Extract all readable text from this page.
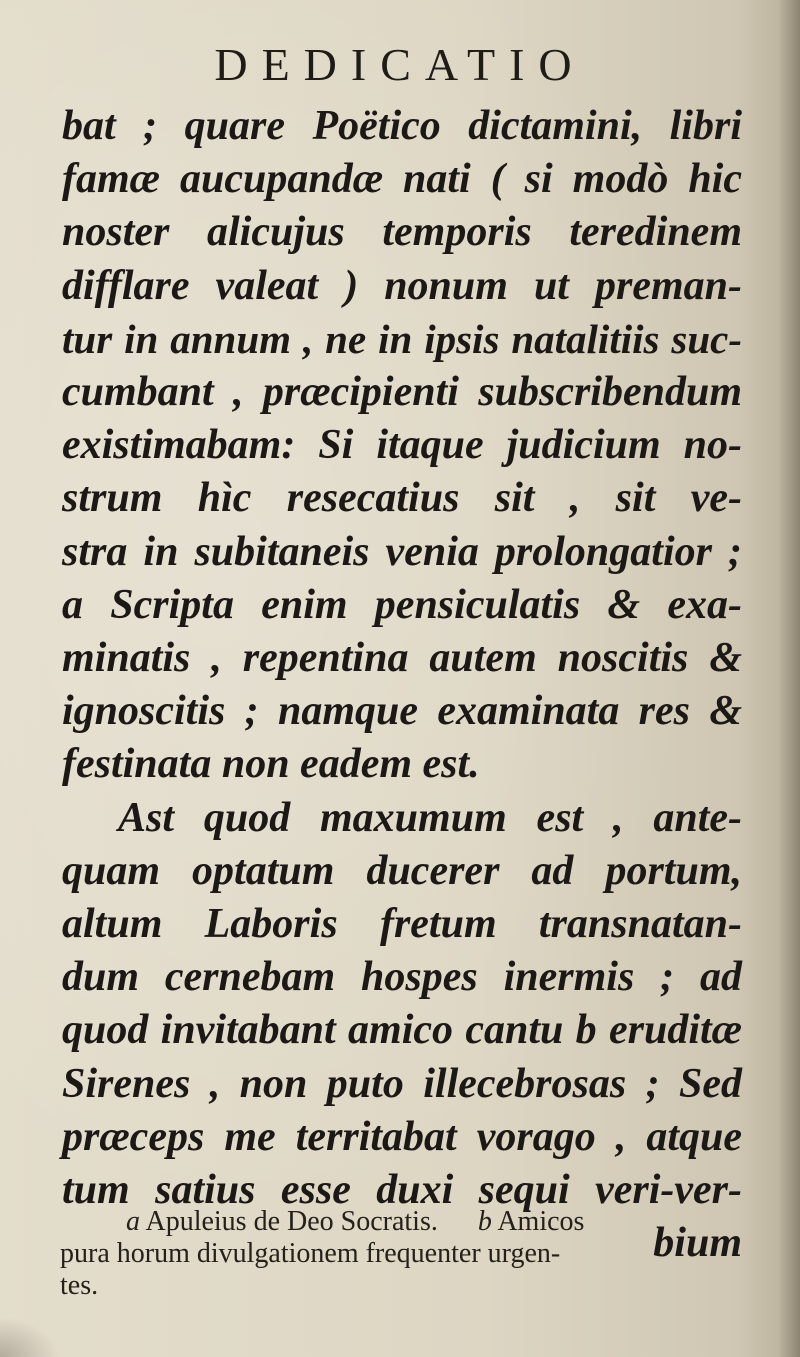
DEDICATIO
bat ; quare Poëtico dictamini, libri
famæ aucupandæ nati ( si modò hic
noster alicujus temporis teredinem
difflare valeat ) nonum ut preman-
tur in annum , ne in ipsis natalitiis suc-
cumbant , præcipienti subscribendum
existimabam: Si itaque judicium no-
strum hìc resecatius sit , sit ve-
stra in subitaneis venia prolongatior ;
a Scripta enim pensiculatis & exa-
minatis , repentina autem noscitis &
ignoscitis ; namque examinata res &
festinata non eadem est.
Ast quod maxumum est , ante-
quam optatum ducerer ad portum,
altum Laboris fretum transnatan-
dum cernebam hospes inermis ; ad
quod invitabant amico cantu b eruditæ
Sirenes , non puto illecebrosas ; Sed
præceps me territabat vorago , atque
tum satius esse duxi sequi veri-ver-
bium
a Apuleius de Deo Socratis. b Amicos
pura horum divulgationem frequenter urgen-
tes.
